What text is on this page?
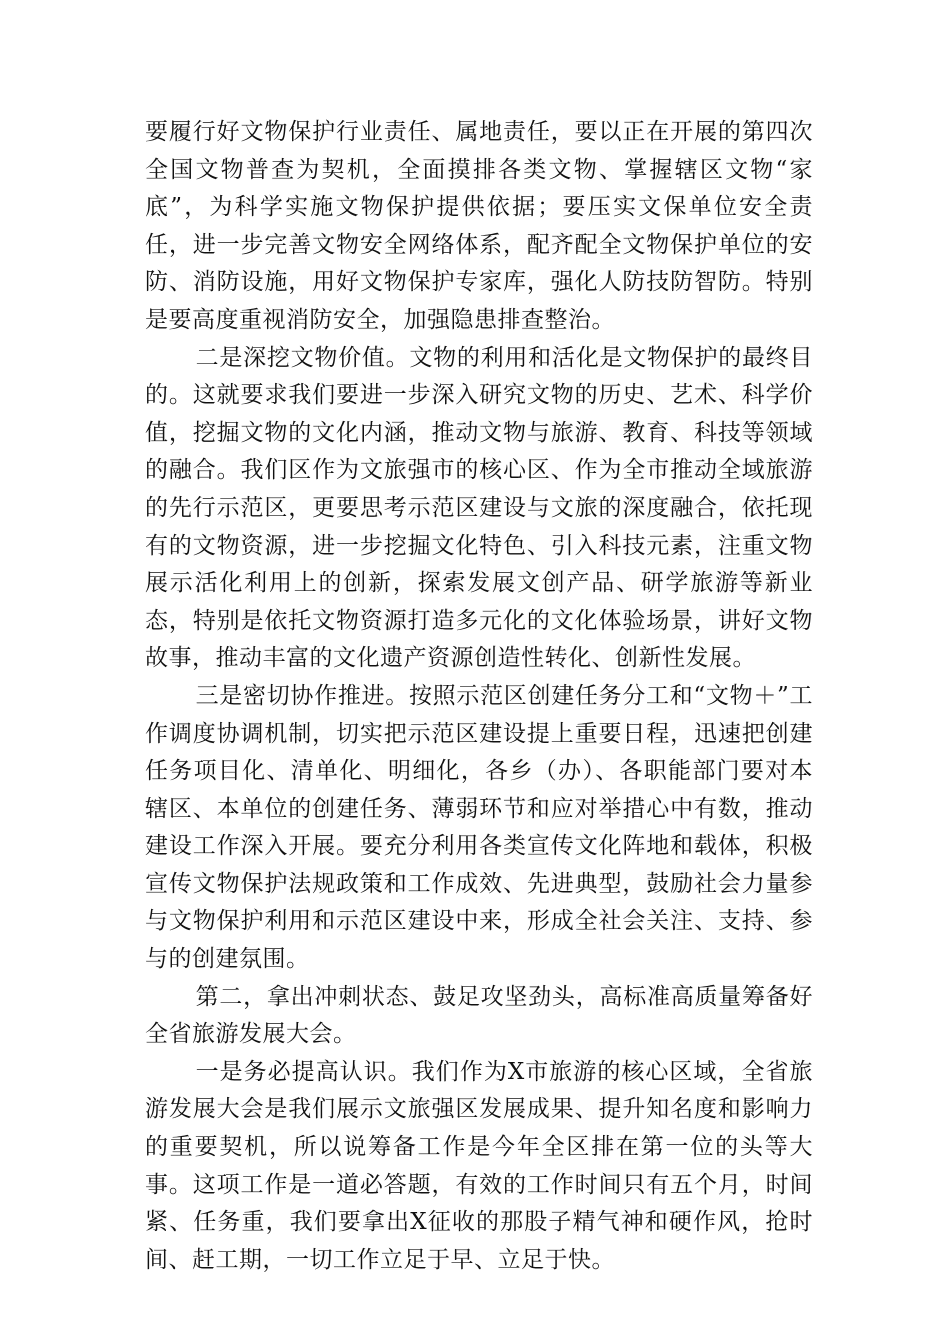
要履行好文物保护行业责任、属地责任，要以正在开展的第四次全国文物普查为契机，全面摸排各类文物、掌握辖区文物“家底”，为科学实施文物保护提供依据；要压实文保单位安全责任，进一步完善文物安全网络体系，配齐配全文物保护单位的安防、消防设施，用好文物保护专家库，强化人防技防智防。特别是要高度重视消防安全，加强隐患排查整治。

二是深挖文物价值。文物的利用和活化是文物保护的最终目的。这就要求我们要进一步深入研究文物的历史、艺术、科学价值，挖掘文物的文化内涵，推动文物与旅游、教育、科技等领域的融合。我们区作为文旅强市的核心区、作为全市推动全域旅游的先行示范区，更要思考示范区建设与文旅的深度融合，依托现有的文物资源，进一步挖掘文化特色、引入科技元素，注重文物展示活化利用上的创新，探索发展文创产品、研学旅游等新业态，特别是依托文物资源打造多元化的文化体验场景，讲好文物故事，推动丰富的文化遗产资源创造性转化、创新性发展。

三是密切协作推进。按照示范区创建任务分工和“文物＋”工作调度协调机制，切实把示范区建设提上重要日程，迅速把创建任务项目化、清单化、明细化，各乡（办）、各职能部门要对本辖区、本单位的创建任务、薄弱环节和应对举措心中有数，推动建设工作深入开展。要充分利用各类宣传文化阵地和载体，积极宣传文物保护法规政策和工作成效、先进典型，鼓励社会力量参与文物保护利用和示范区建设中来，形成全社会关注、支持、参与的创建氛围。

第二，拿出冲刺状态、鼓足攻坚劲头，高标准高质量筹备好全省旅游发展大会。

一是务必提高认识。我们作为X市旅游的核心区域，全省旅游发展大会是我们展示文旅强区发展成果、提升知名度和影响力的重要契机，所以说筹备工作是今年全区排在第一位的头等大事。这项工作是一道必答题，有效的工作时间只有五个月，时间紧、任务重，我们要拿出X征收的那股子精气神和硬作风，抢时间、赶工期，一切工作立足于早、立足于快。
